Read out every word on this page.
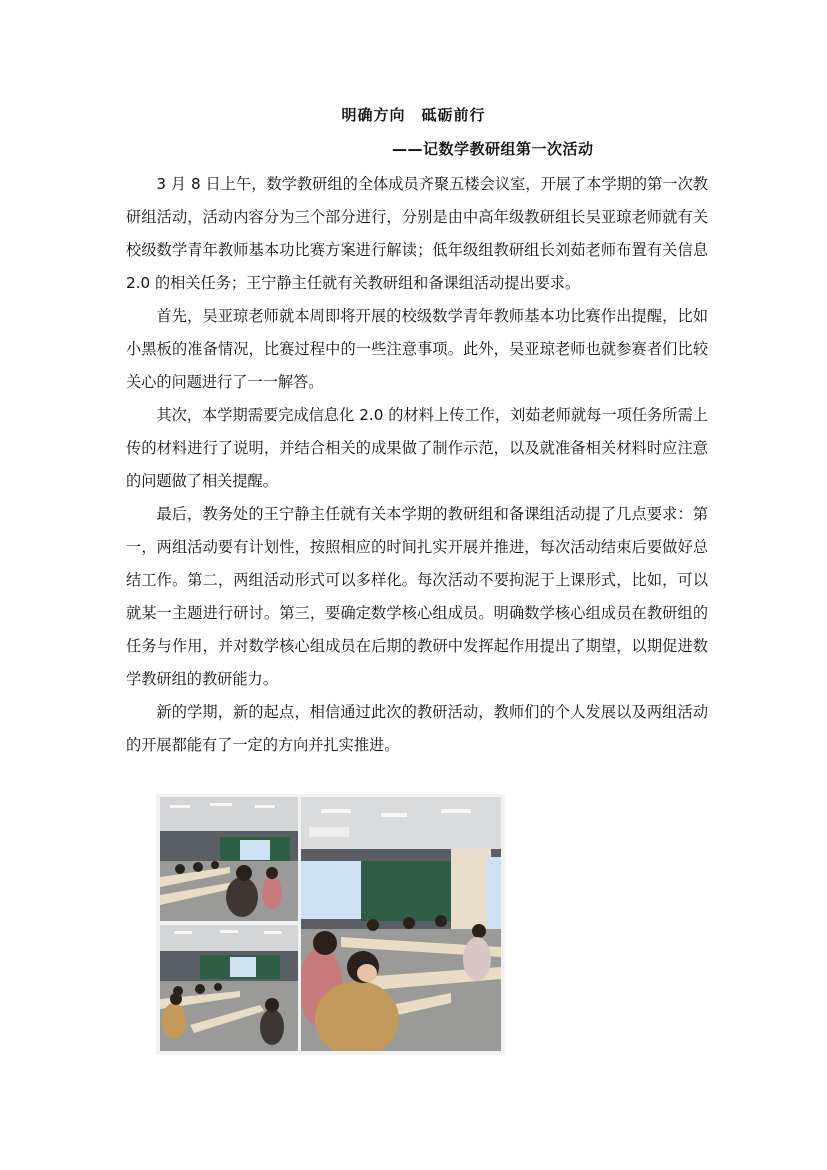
明确方向　砥砺前行
——记数学教研组第一次活动

3 月 8 日上午，数学教研组的全体成员齐聚五楼会议室，开展了本学期的第一次教研组活动，活动内容分为三个部分进行，分别是由中高年级教研组长吴亚琼老师就有关校级数学青年教师基本功比赛方案进行解读；低年级组教研组长刘茹老师布置有关信息 2.0 的相关任务；王宁静主任就有关教研组和备课组活动提出要求。

首先，吴亚琼老师就本周即将开展的校级数学青年教师基本功比赛作出提醒，比如小黑板的准备情况，比赛过程中的一些注意事项。此外，吴亚琼老师也就参赛者们比较关心的问题进行了一一解答。

其次，本学期需要完成信息化 2.0 的材料上传工作，刘茹老师就每一项任务所需上传的材料进行了说明，并结合相关的成果做了制作示范，以及就准备相关材料时应注意的问题做了相关提醒。

最后，教务处的王宁静主任就有关本学期的教研组和备课组活动提了几点要求：第一，两组活动要有计划性，按照相应的时间扎实开展并推进，每次活动结束后要做好总结工作。第二，两组活动形式可以多样化。每次活动不要拘泥于上课形式，比如，可以就某一主题进行研讨。第三，要确定数学核心组成员。明确数学核心组成员在教研组的任务与作用，并对数学核心组成员在后期的教研中发挥起作用提出了期望，以期促进数学教研组的教研能力。

新的学期，新的起点，相信通过此次的教研活动，教师们的个人发展以及两组活动的开展都能有了一定的方向并扎实推进。
